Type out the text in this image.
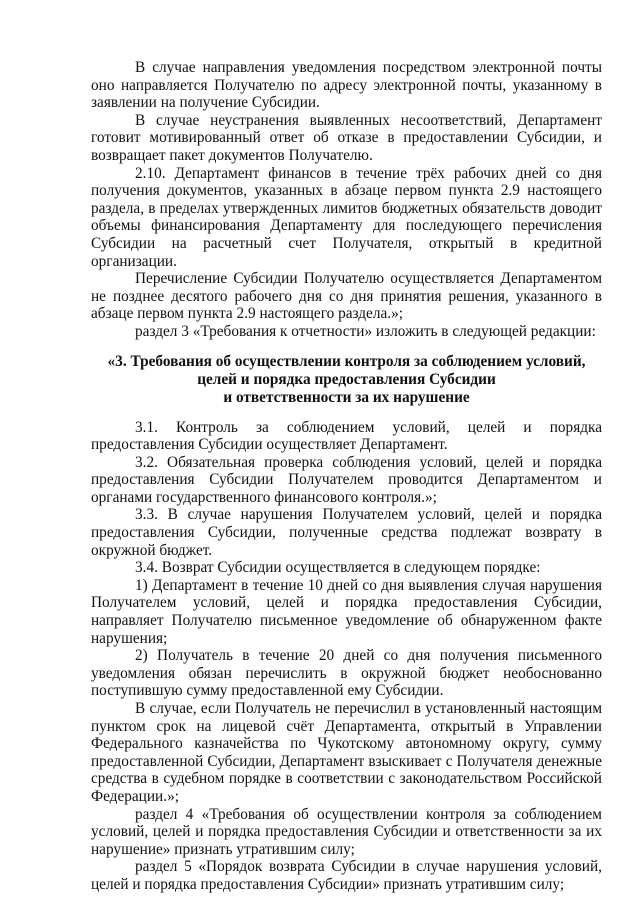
В случае направления уведомления посредством электронной почты оно направляется Получателю по адресу электронной почты, указанному в заявлении на получение Субсидии.

В случае неустранения выявленных несоответствий, Департамент готовит мотивированный ответ об отказе в предоставлении Субсидии, и возвращает пакет документов Получателю.

2.10. Департамент финансов в течение трёх рабочих дней со дня получения документов, указанных в абзаце первом пункта 2.9 настоящего раздела, в пределах утвержденных лимитов бюджетных обязательств доводит объемы финансирования Департаменту для последующего перечисления Субсидии на расчетный счет Получателя, открытый в кредитной организации.

Перечисление Субсидии Получателю осуществляется Департаментом не позднее десятого рабочего дня со дня принятия решения, указанного в абзаце первом пункта 2.9 настоящего раздела.»;

раздел 3 «Требования к отчетности» изложить в следующей редакции:

«3. Требования об осуществлении контроля за соблюдением условий,
целей и порядка предоставления Субсидии
и ответственности за их нарушение

3.1. Контроль за соблюдением условий, целей и порядка предоставления Субсидии осуществляет Департамент.

3.2. Обязательная проверка соблюдения условий, целей и порядка предоставления Субсидии Получателем проводится Департаментом и органами государственного финансового контроля.»;

3.3. В случае нарушения Получателем условий, целей и порядка предоставления Субсидии, полученные средства подлежат возврату в окружной бюджет.

3.4. Возврат Субсидии осуществляется в следующем порядке:

1) Департамент в течение 10 дней со дня выявления случая нарушения Получателем условий, целей и порядка предоставления Субсидии, направляет Получателю письменное уведомление об обнаруженном факте нарушения;

2) Получатель в течение 20 дней со дня получения письменного уведомления обязан перечислить в окружной бюджет необоснованно поступившую сумму предоставленной ему Субсидии.

В случае, если Получатель не перечислил в установленный настоящим пунктом срок на лицевой счёт Департамента, открытый в Управлении Федерального казначейства по Чукотскому автономному округу, сумму предоставленной Субсидии, Департамент взыскивает с Получателя денежные средства в судебном порядке в соответствии с законодательством Российской Федерации.»;

раздел 4 «Требования об осуществлении контроля за соблюдением условий, целей и порядка предоставления Субсидии и ответственности за их нарушение» признать утратившим силу;

раздел 5 «Порядок возврата Субсидии в случае нарушения условий, целей и порядка предоставления Субсидии» признать утратившим силу;
